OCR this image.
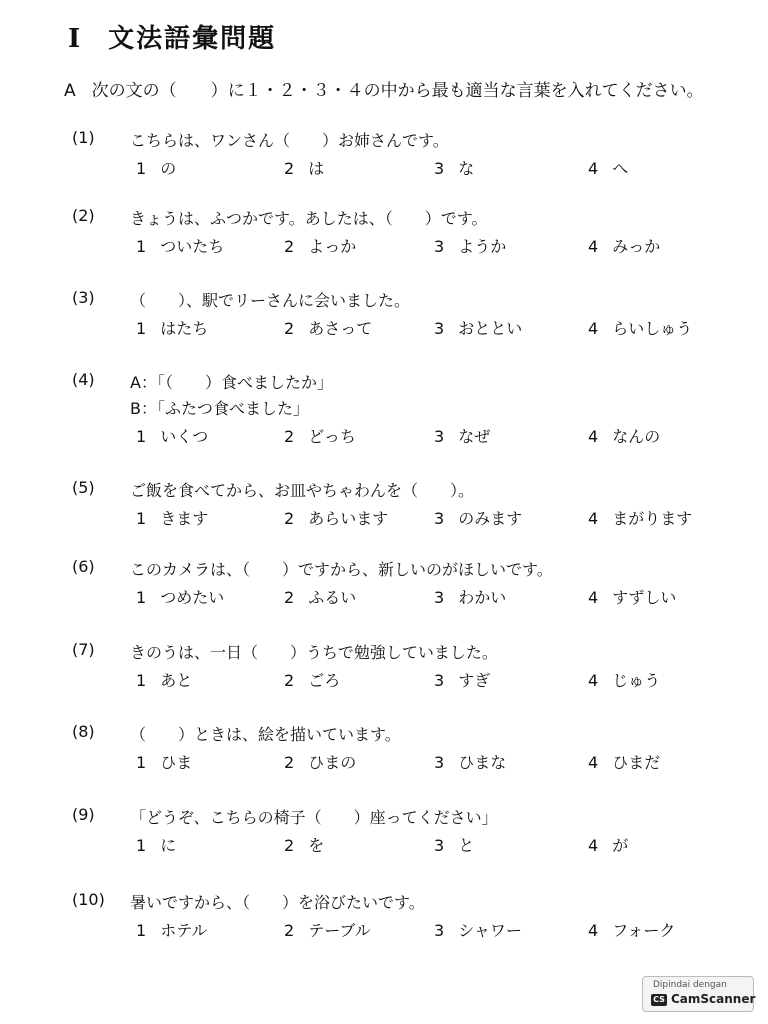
I 文法語彙問題
A 次の文の（　　）に１・２・３・４の中から最も適当な言葉を入れてください。
(1) こちらは、ワンさん（　　）お姉さんです。
1 の	2 は	3 な	4 へ
(2) きょうは、ふつかです。あしたは、（　　）です。
1 ついたち	2 よっか	3 ようか	4 みっか
(3) （　　）、駅でリーさんに会いました。
1 はたち	2 あさって	3 おととい	4 らいしゅう
(4) A：「（　　）食べましたか」
B：「ふたつ食べました」
1 いくつ	2 どっち	3 なぜ	4 なんの
(5) ご飯を食べてから、お皿やちゃわんを（　　）。
1 きます	2 あらいます	3 のみます	4 まがります
(6) このカメラは、（　　）ですから、新しいのがほしいです。
1 つめたい	2 ふるい	3 わかい	4 すずしい
(7) きのうは、一日（　　）うちで勉強していました。
1 あと	2 ごろ	3 すぎ	4 じゅう
(8) （　　）ときは、絵を描いています。
1 ひま	2 ひまの	3 ひまな	4 ひまだ
(9) 「どうぞ、こちらの椅子（　　）座ってください」
1 に	2 を	3 と	4 が
(10) 暑いですから、（　　）を浴びたいです。
1 ホテル	2 テーブル	3 シャワー	4 フォーク
Dipindai dengan
CS CamScanner
